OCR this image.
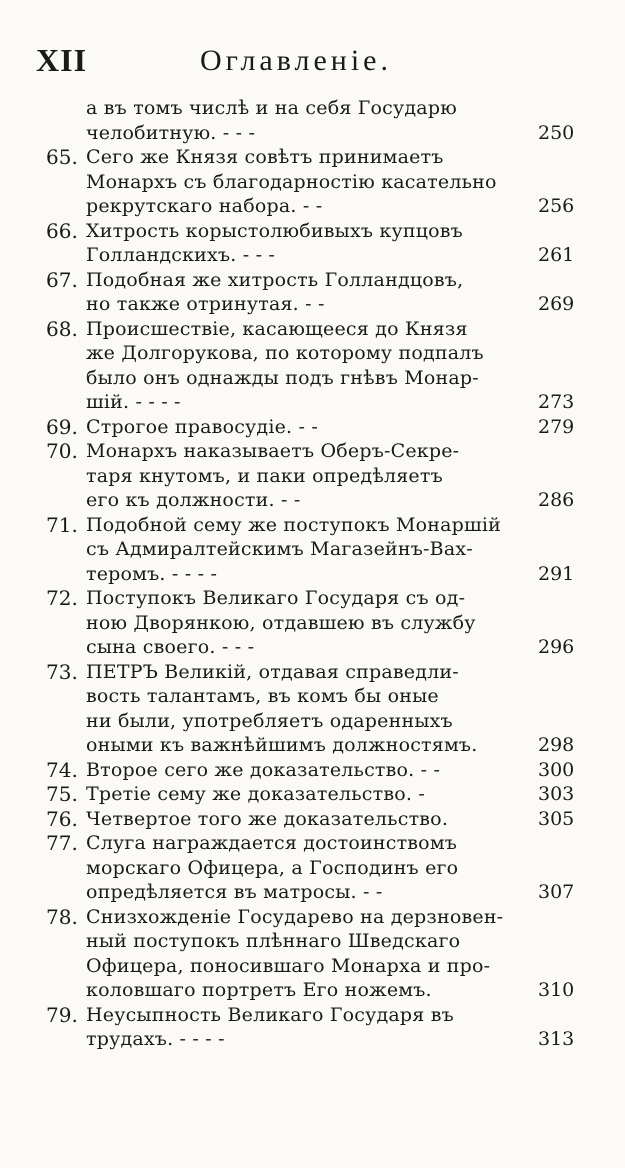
XII	Оглавленіе.
а въ томъ числѣ и на себя Государю
челобитную. - - -	250
65. Сего же Князя совѣтъ принимаетъ
Монархъ съ благодарностію касательно
рекрутскаго набора. - -	256
66. Хитрость корыстолюбивыхъ купцовъ
Голландскихъ. - - -	261
67. Подобная же хитрость Голландцовъ,
но также отринутая. - -	269
68. Происшествіе, касающееся до Князя
же Долгорукова, по которому подпалъ
было онъ однажды подъ гнѣвъ Монар-
шій. - - - -	273
69. Строгое правосудіе. - -	279
70. Монархъ наказываетъ Оберъ-Секре-
таря кнутомъ, и паки опредѣляетъ
его къ должности. - -	286
71. Подобной сему же поступокъ Монаршій
съ Адмиралтейскимъ Магазейнъ-Вах-
теромъ. - - - -	291
72. Поступокъ Великаго Государя съ од-
ною Дворянкою, отдавшею въ службу
сына своего. - - -	296
73. ПЕТРЪ Великій, отдавая справедли-
вость талантамъ, въ комъ бы оные
ни были, употребляетъ одаренныхъ
оными къ важнѣйшимъ должностямъ.	298
74. Второе сего же доказательство. - -	300
75. Третіе сему же доказательство. -	303
76. Четвертое того же доказательство.	305
77. Слуга награждается достоинствомъ
морскаго Офицера, а Господинъ его
опредѣляется въ матросы. - -	307
78. Снизхожденіе Государево на дерзновен-
ный поступокъ плѣннаго Шведскаго
Офицера, поносившаго Монарха и про-
коловшаго портретъ Его ножемъ.	310
79. Неусыпность Великаго Государя въ
трудахъ. - - - -	313
